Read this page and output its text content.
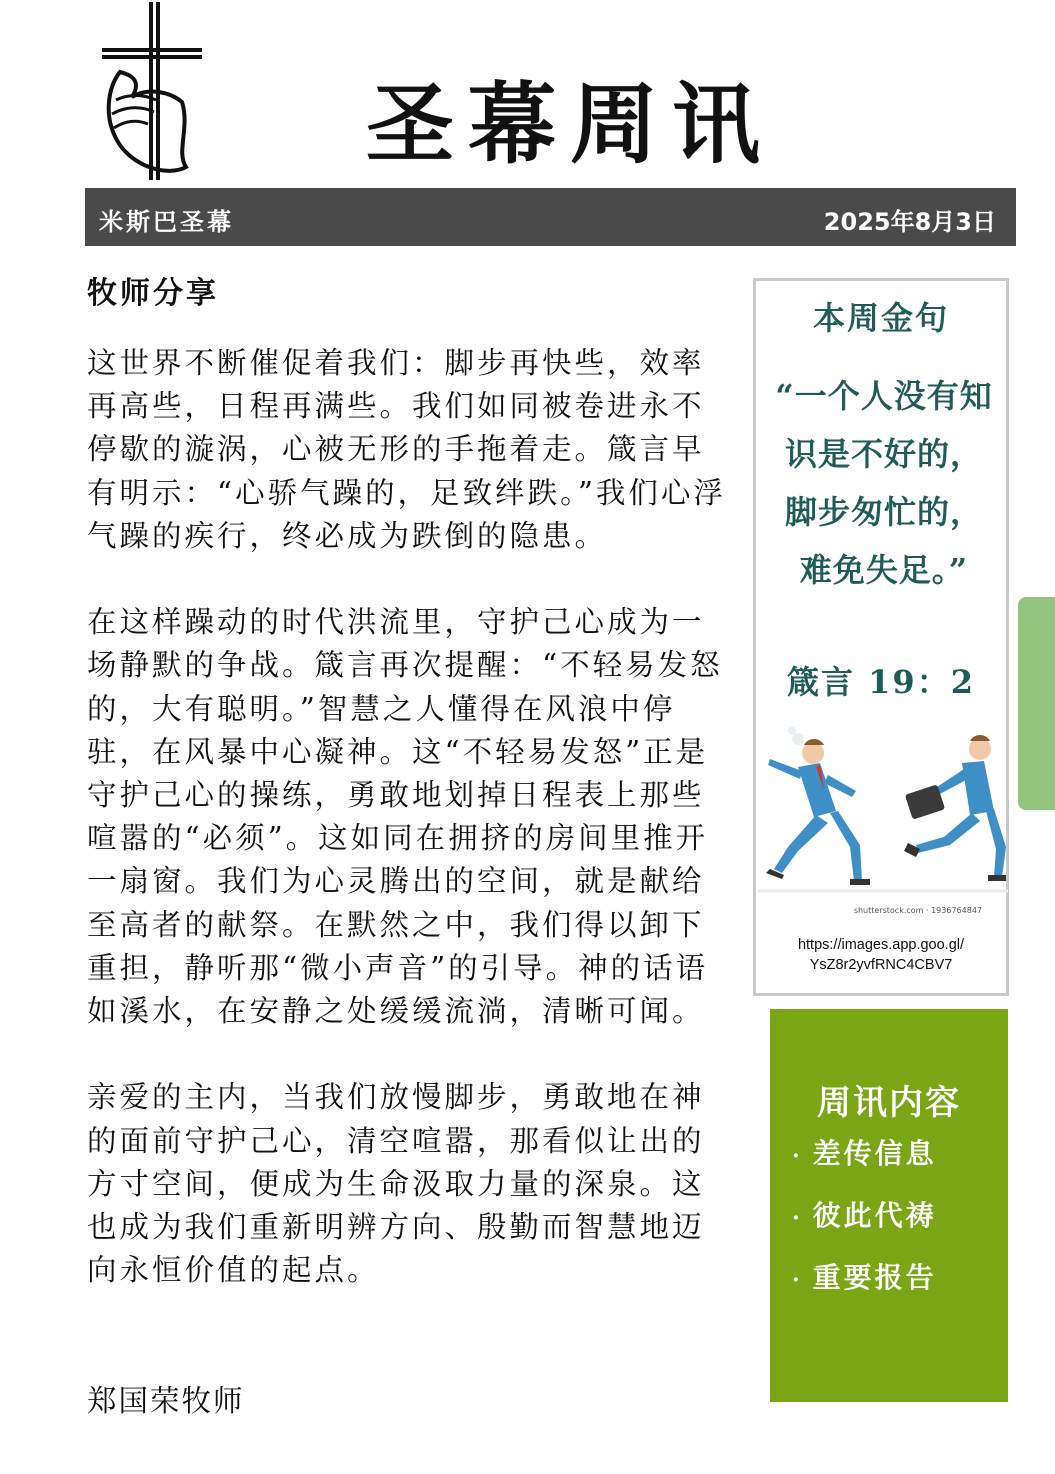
圣幕周讯
米斯巴圣幕	2025年8月3日
牧师分享

这世界不断催促着我们：脚步再快些，效率再高些，日程再满些。我们如同被卷进永不停歇的漩涡，心被无形的手拖着走。箴言早有明示：“心骄气躁的，足致绊跌。”我们心浮气躁的疾行，终必成为跌倒的隐患。

在这样躁动的时代洪流里，守护己心成为一场静默的争战。箴言再次提醒：“不轻易发怒的，大有聪明。”智慧之人懂得在风浪中停驻，在风暴中心凝神。这“不轻易发怒”正是守护己心的操练，勇敢地划掉日程表上那些喧嚣的“必须”。这如同在拥挤的房间里推开一扇窗。我们为心灵腾出的空间，就是献给至高者的献祭。在默然之中，我们得以卸下重担，静听那“微小声音”的引导。神的话语如溪水，在安静之处缓缓流淌，清晰可闻。

亲爱的主内，当我们放慢脚步，勇敢地在神的面前守护己心，清空喧嚣，那看似让出的方寸空间，便成为生命汲取力量的深泉。这也成为我们重新明辨方向、殷勤而智慧地迈向永恒价值的起点。

郑国荣牧师
本周金句
“一个人没有知识是不好的，脚步匆忙的，难免失足。”
箴言 19：2
shutterstock.com · 1936764847
https://images.app.goo.gl/
YsZ8r2yvfRNC4CBV7
周讯内容
· 差传信息
· 彼此代祷
· 重要报告
